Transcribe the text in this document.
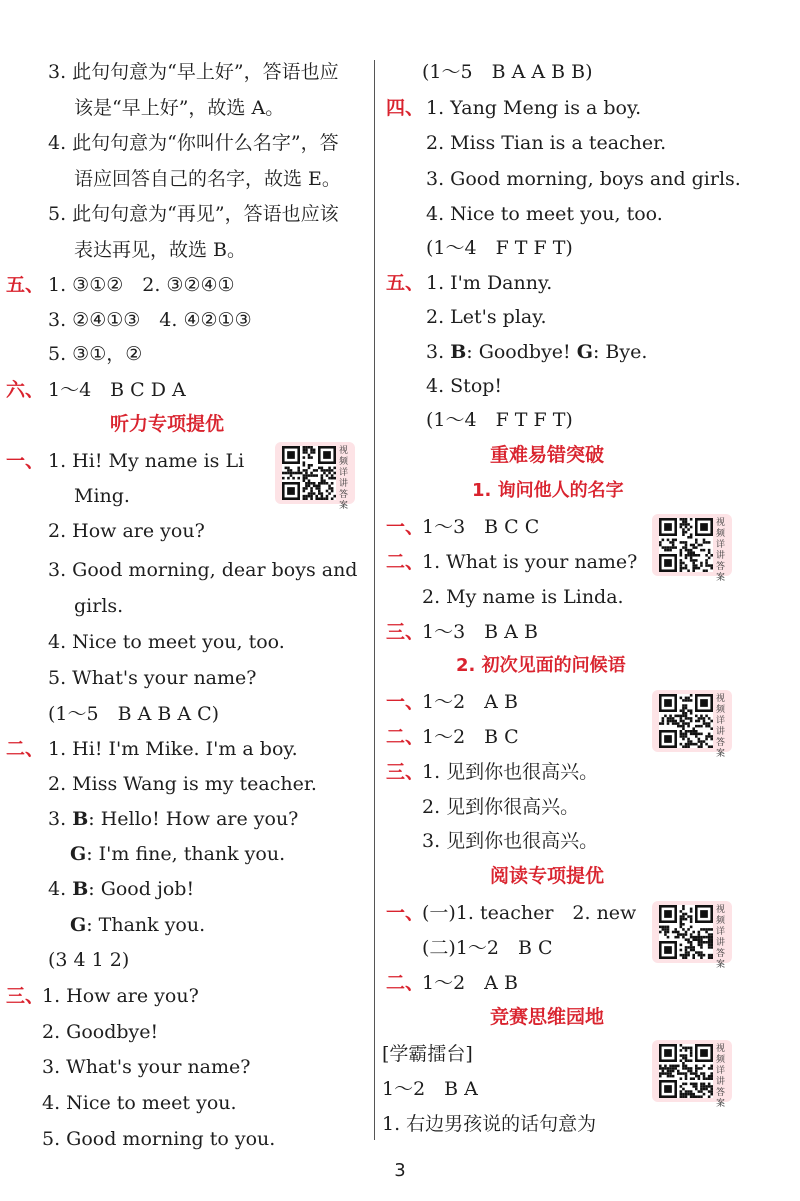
3. 此句句意为“早上好”，答语也应
该是“早上好”，故选 A。
4. 此句句意为“你叫什么名字”，答
语应回答自己的名字，故选 E。
5. 此句句意为“再见”，答语也应该
表达再见，故选 B。
五、 1. ③①②　2. ③②④①
3. ②④①③　4. ④②①③
5. ③①，②
六、 1～4　B C D A
听力专项提优
一、 1. Hi! My name is Li
Ming.
2. How are you?
3. Good morning, dear boys and
girls.
4. Nice to meet you, too.
5. What's your name?
(1～5　B A B A C)
视频详讲答案
二、 1. Hi! I'm Mike. I'm a boy.
2. Miss Wang is my teacher.
3. B: Hello! How are you?
G: I'm fine, thank you.
4. B: Good job!
G: Thank you.
(3 4 1 2)
三、
1. How are you?
2. Goodbye!
3. What's your name?
4. Nice to meet you.
5. Good morning to you.
(1～5　B A A B B)
四、 1. Yang Meng is a boy.
2. Miss Tian is a teacher.
3. Good morning, boys and girls.
4. Nice to meet you, too.
(1～4　F T F T)
五、 1. I'm Danny.
2. Let's play.
3. B: Goodbye! G: Bye.
4. Stop!
(1～4　F T F T)
重难易错突破
1. 询问他人的名字
一、
1～3　B C C
二、
1. What is your name?
2. My name is Linda.
三、
1～3　B A B
视频详讲答案
2. 初次见面的问候语
一、
1～2　A B
二、
1～2　B C
三、
1. 见到你也很高兴。
2. 见到你很高兴。
3. 见到你也很高兴。
视频详讲答案
阅读专项提优
一、
(一)1. teacher　2. new
(二)1～2　B C
二、
1～2　A B
视频详讲答案
竞赛思维园地
[学霸擂台]
1～2　B A
1. 右边男孩说的话句意为
视频详讲答案
3
